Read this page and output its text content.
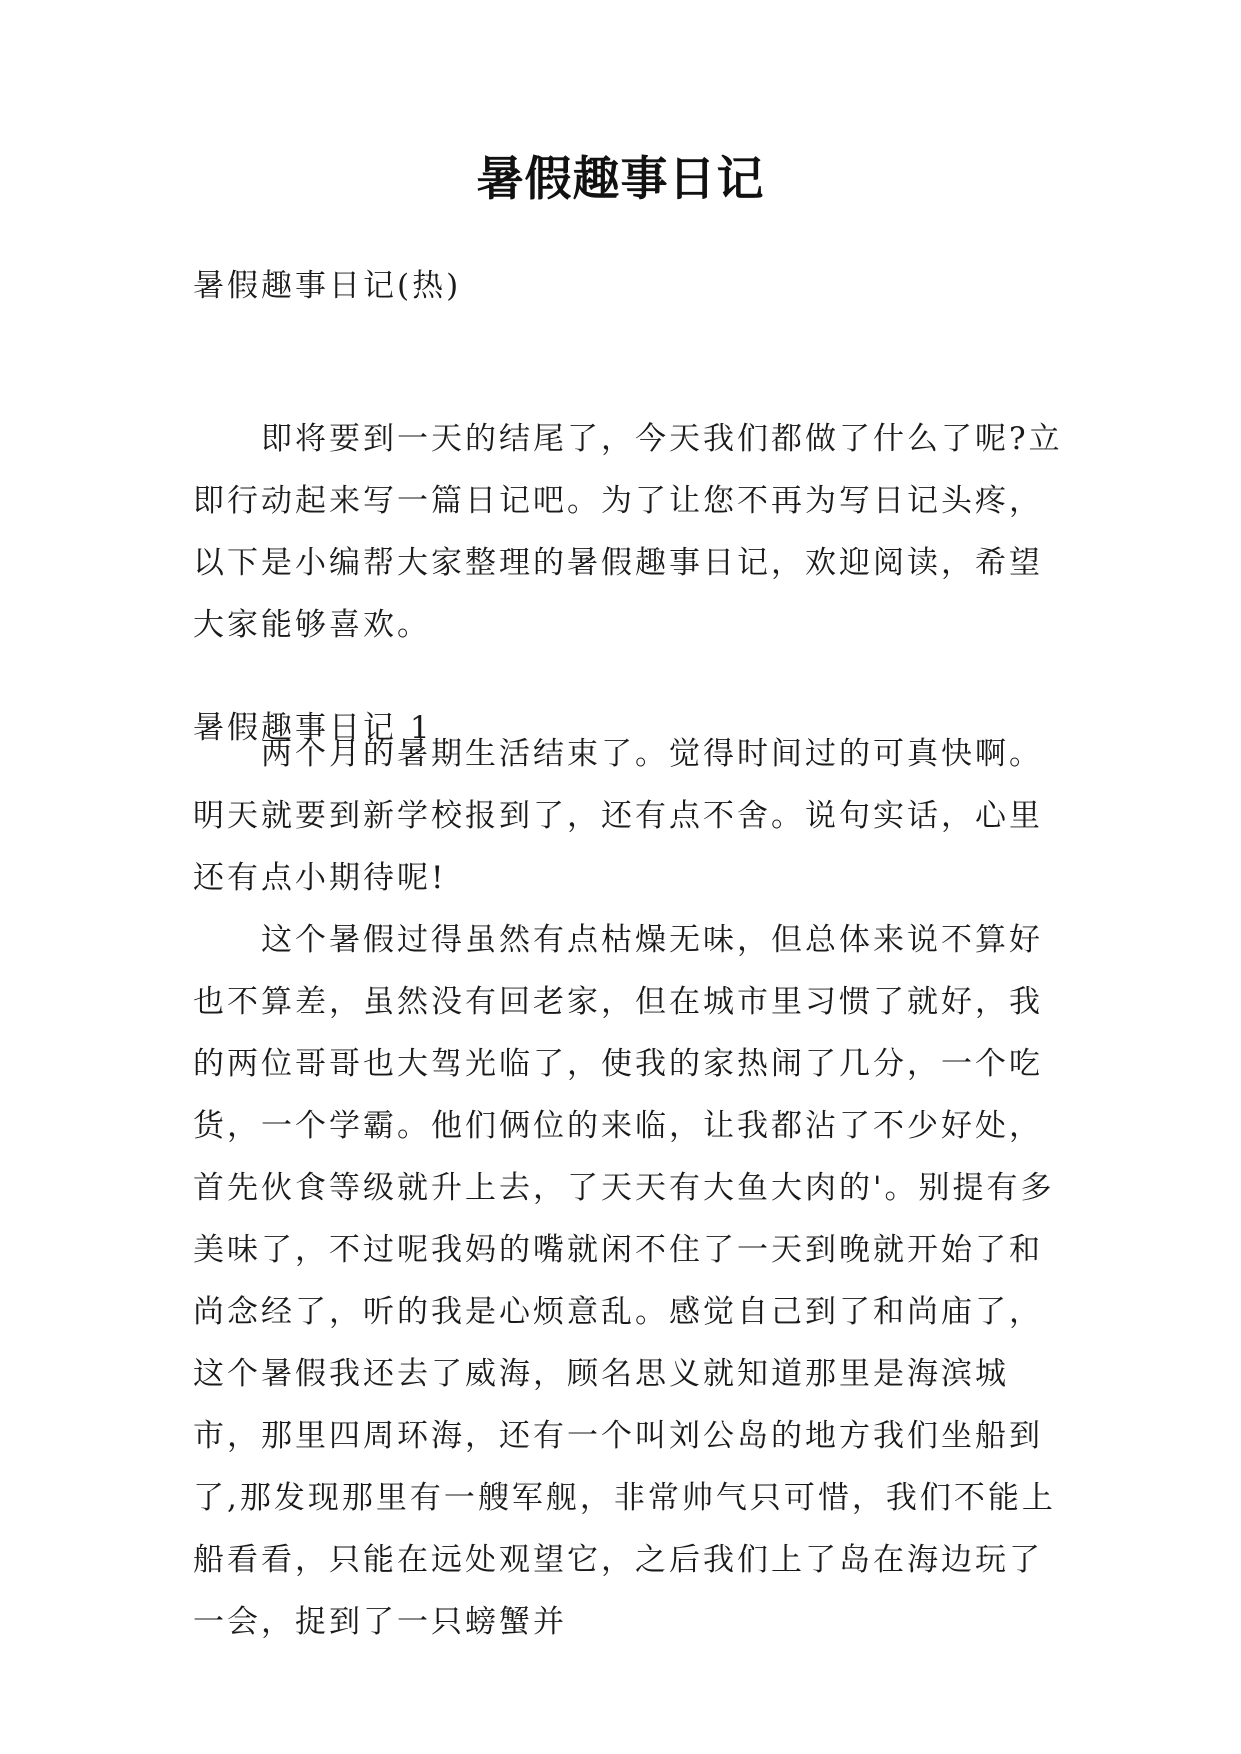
暑假趣事日记
暑假趣事日记(热)

即将要到一天的结尾了，今天我们都做了什么了呢?立即行动起来写一篇日记吧。为了让您不再为写日记头疼，以下是小编帮大家整理的暑假趣事日记，欢迎阅读，希望大家能够喜欢。

暑假趣事日记 1

两个月的暑期生活结束了。觉得时间过的可真快啊。明天就要到新学校报到了，还有点不舍。说句实话，心里还有点小期待呢!

这个暑假过得虽然有点枯燥无味，但总体来说不算好也不算差，虽然没有回老家，但在城市里习惯了就好，我的两位哥哥也大驾光临了，使我的家热闹了几分，一个吃货，一个学霸。他们俩位的来临，让我都沾了不少好处，首先伙食等级就升上去，了天天有大鱼大肉的'。别提有多美味了，不过呢我妈的嘴就闲不住了一天到晚就开始了和尚念经了，听的我是心烦意乱。感觉自己到了和尚庙了，这个暑假我还去了威海，顾名思义就知道那里是海滨城市，那里四周环海，还有一个叫刘公岛的地方我们坐船到了,那发现那里有一艘军舰，非常帅气只可惜，我们不能上船看看，只能在远处观望它，之后我们上了岛在海边玩了一会，捉到了一只螃蟹并
